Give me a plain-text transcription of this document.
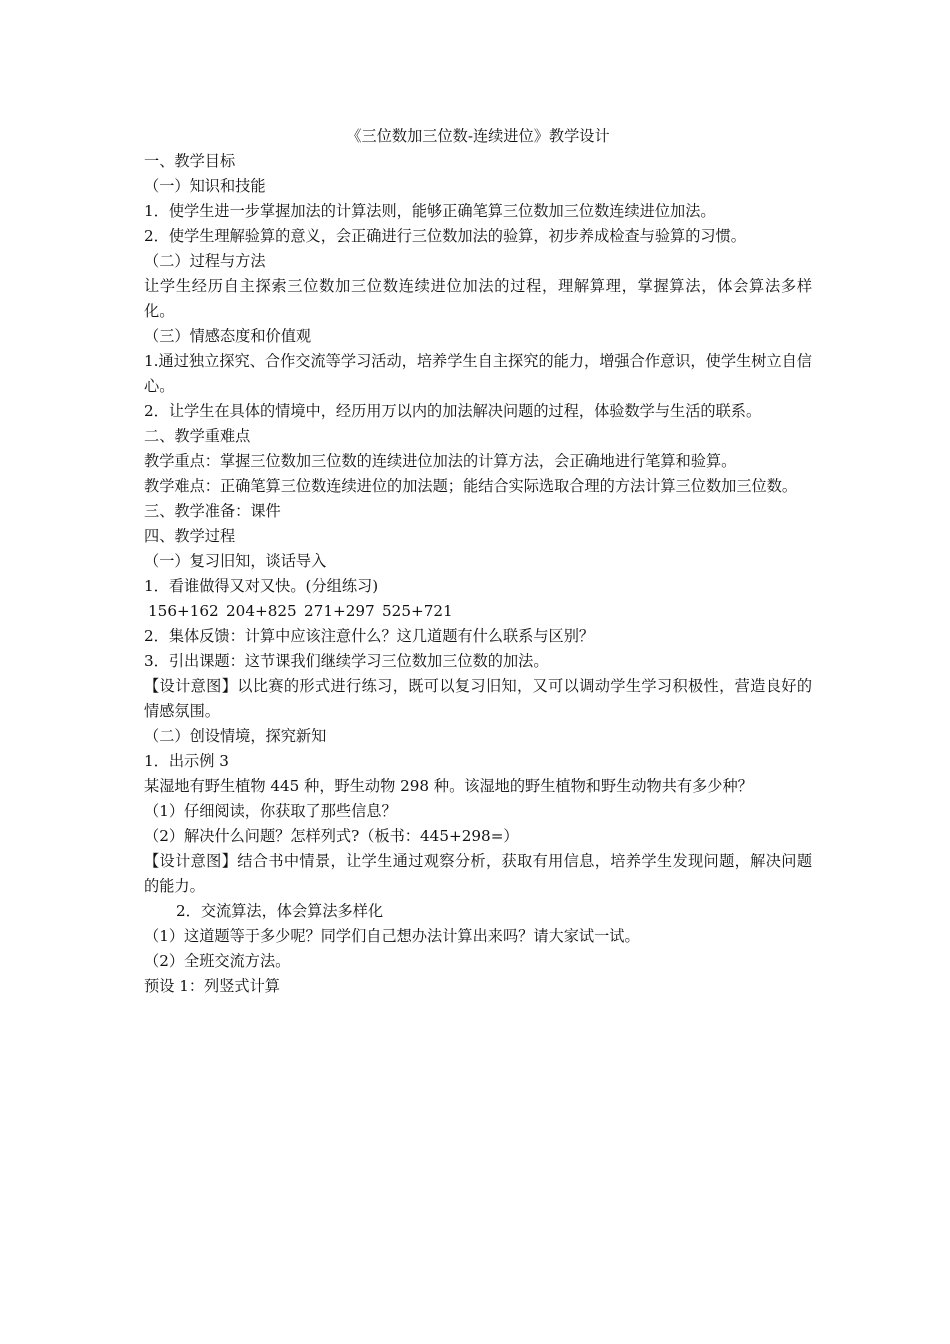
《三位数加三位数-连续进位》教学设计

一、教学目标

（一）知识和技能

1．使学生进一步掌握加法的计算法则，能够正确笔算三位数加三位数连续进位加法。

2．使学生理解验算的意义，会正确进行三位数加法的验算，初步养成检查与验算的习惯。

（二）过程与方法

让学生经历自主探索三位数加三位数连续进位加法的过程，理解算理，掌握算法，体会算法多样化。

（三）情感态度和价值观

1.通过独立探究、合作交流等学习活动，培养学生自主探究的能力，增强合作意识，使学生树立自信心。

2．让学生在具体的情境中，经历用万以内的加法解决问题的过程，体验数学与生活的联系。

二、教学重难点

教学重点：掌握三位数加三位数的连续进位加法的计算方法，会正确地进行笔算和验算。

教学难点：正确笔算三位数连续进位的加法题；能结合实际选取合理的方法计算三位数加三位数。

三、教学准备：课件

四、教学过程

（一）复习旧知，谈话导入

1．看谁做得又对又快。(分组练习)

156+162 204+825 271+297 525+721

2．集体反馈：计算中应该注意什么？这几道题有什么联系与区别？

3．引出课题：这节课我们继续学习三位数加三位数的加法。

【设计意图】以比赛的形式进行练习，既可以复习旧知，又可以调动学生学习积极性，营造良好的情感氛围。

（二）创设情境，探究新知

1．出示例 3

某湿地有野生植物 445 种，野生动物 298 种。该湿地的野生植物和野生动物共有多少种？

（1）仔细阅读，你获取了那些信息？

（2）解决什么问题？怎样列式?（板书：445+298=）

【设计意图】结合书中情景，让学生通过观察分析，获取有用信息，培养学生发现问题，解决问题的能力。

2．交流算法，体会算法多样化

（1）这道题等于多少呢？同学们自己想办法计算出来吗？请大家试一试。

（2）全班交流方法。

预设 1：列竖式计算
